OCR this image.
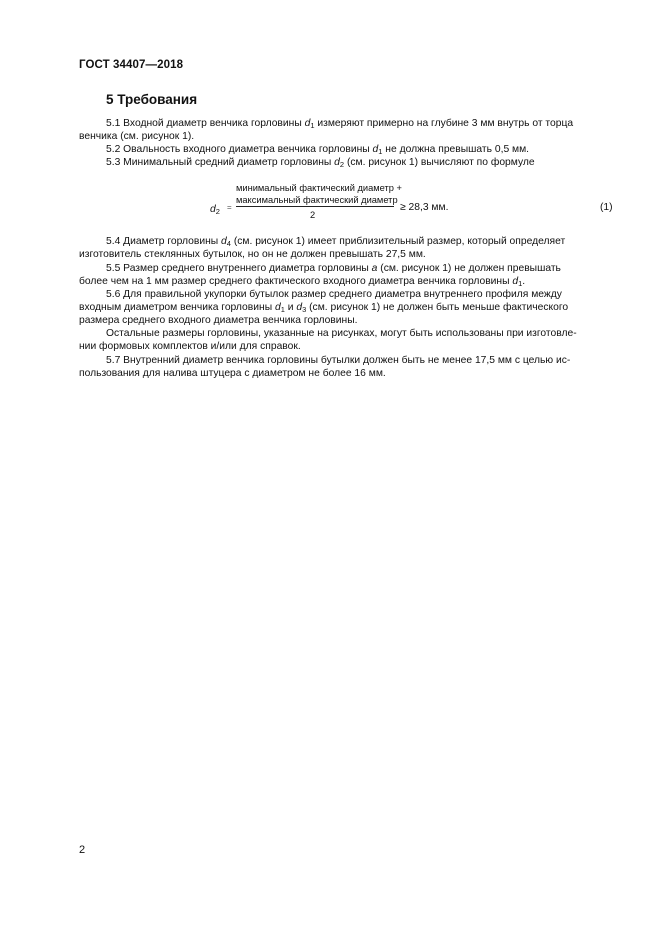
ГОСТ 34407—2018
5 Требования
5.1 Входной диаметр венчика горловины $d_1$ измеряют примерно на глубине 3 мм внутрь от торца
венчика (см. рисунок 1).
5.2 Овальность входного диаметра венчика горловины $d_1$ не должна превышать 0,5 мм.
5.3 Минимальный средний диаметр горловины $d_2$ (см. рисунок 1) вычисляют по формуле
$d_2$ =
минимальный фактический диаметр +
максимальный фактический диаметр
2
≥ 28,3 мм.	(1)
5.4 Диаметр горловины $d_4$ (см. рисунок 1) имеет приблизительный размер, который определяет
изготовитель стеклянных бутылок, но он не должен превышать 27,5 мм.
5.5 Размер среднего внутреннего диаметра горловины a (см. рисунок 1) не должен превышать
более чем на 1 мм размер среднего фактического входного диаметра венчика горловины $d_1$.
5.6 Для правильной укупорки бутылок размер среднего диаметра внутреннего профиля между
входным диаметром венчика горловины $d_1$ и $d_3$ (см. рисунок 1) не должен быть меньше фактического
размера среднего входного диаметра венчика горловины.
Остальные размеры горловины, указанные на рисунках, могут быть использованы при изготовле-
нии формовых комплектов и/или для справок.
5.7 Внутренний диаметр венчика горловины бутылки должен быть не менее 17,5 мм с целью ис-
пользования для налива штуцера с диаметром не более 16 мм.
2
